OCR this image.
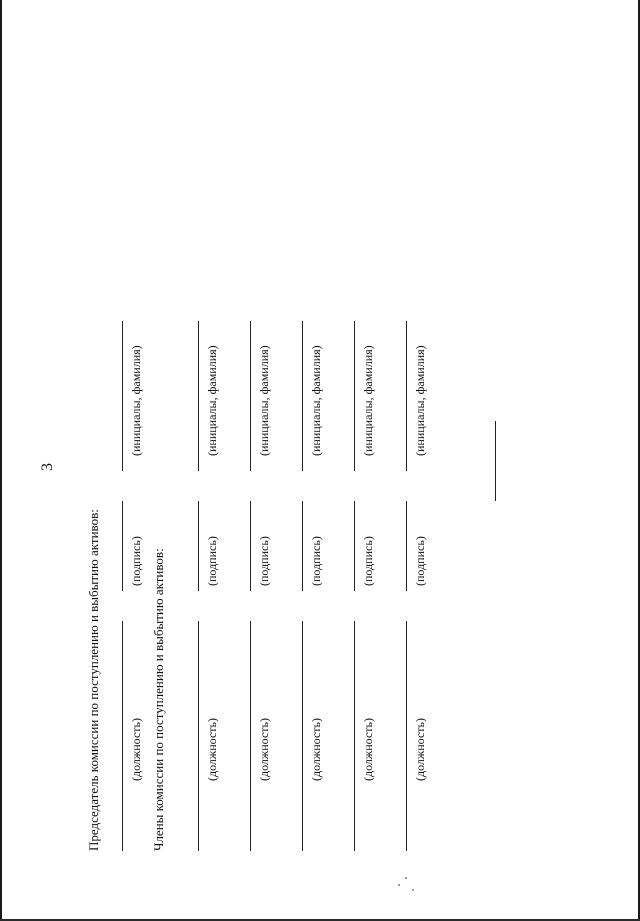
3
Председатель комиссии по поступлению и выбытию активов: (должность)
(подпись)
(инициалы, фамилия)
Члены комиссии по поступлению и выбытию активов:	(должность)
(подпись)
(инициалы, фамилия)
(должность)
(подпись)
(инициалы, фамилия)
(должность)
(подпись)
(инициалы, фамилия)
(должность)
(подпись)
(инициалы, фамилия)
(должность)
(подпись)
(инициалы, фамилия)
